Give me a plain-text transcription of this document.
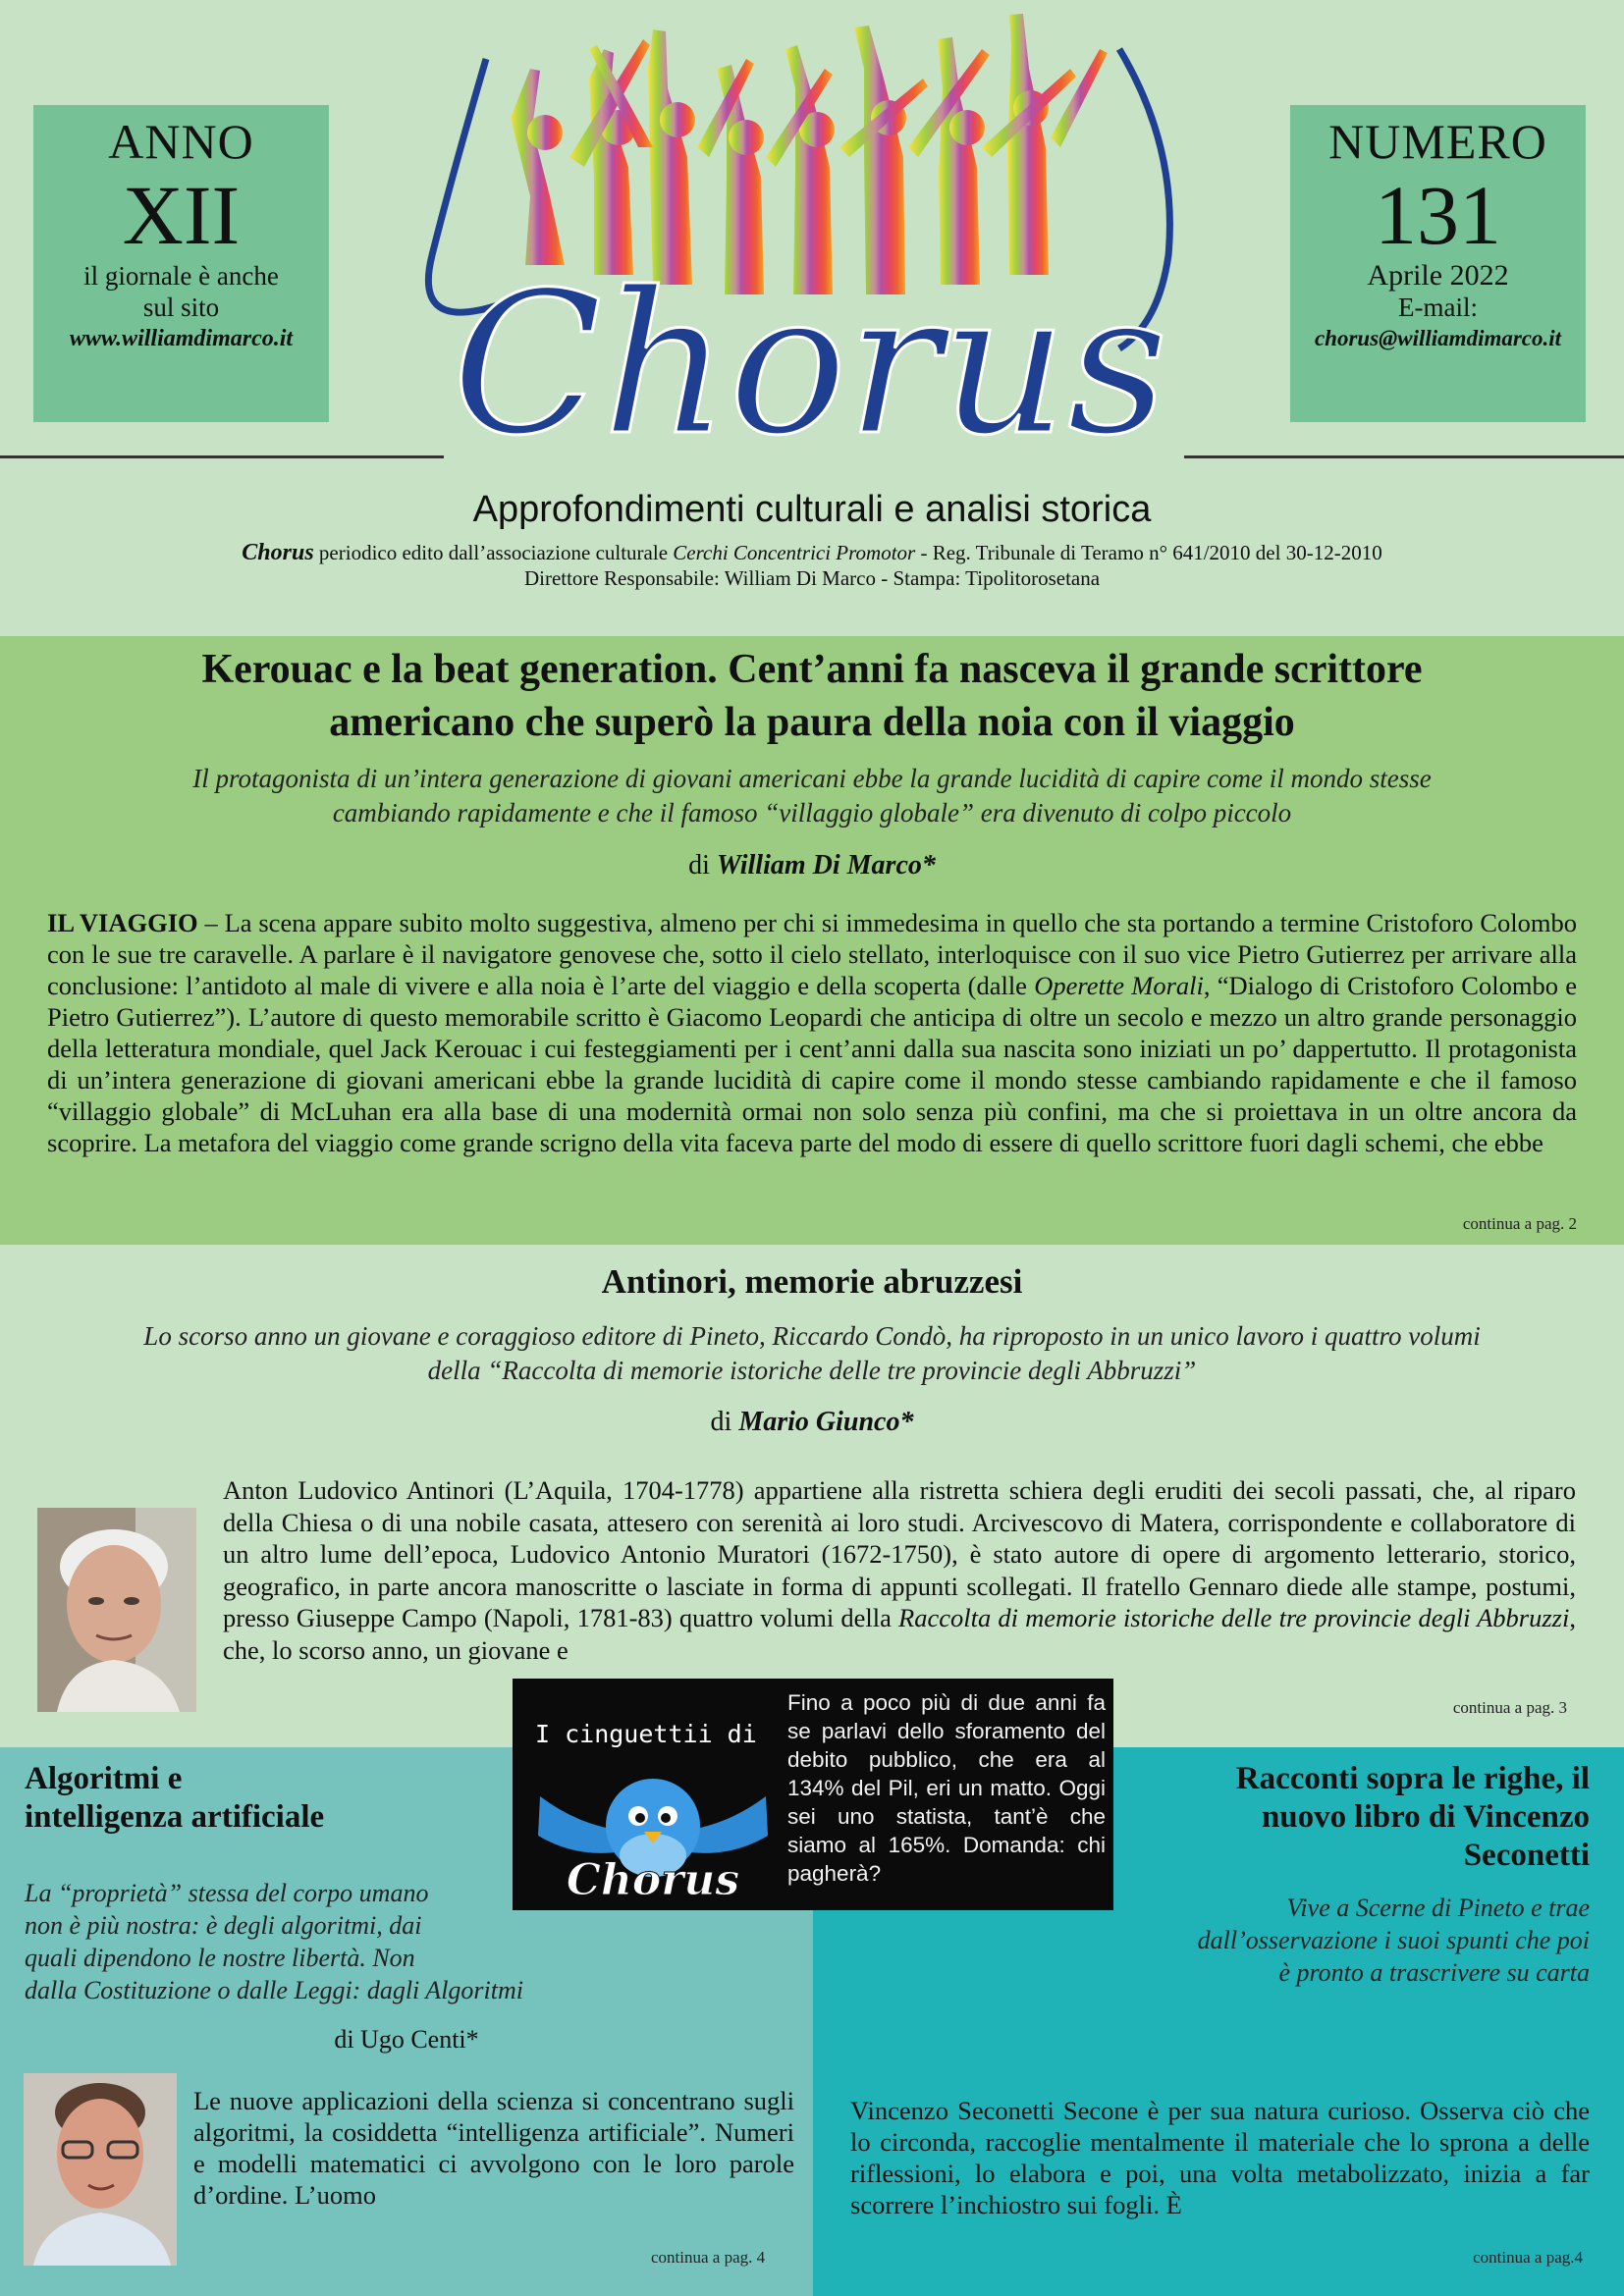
ANNO
XII
il giornale è anche
sul sito
www.williamdimarco.it
NUMERO
131
Aprile 2022
E-mail:
chorus@williamdimarco.it
Chorus
Approfondimenti culturali e analisi storica
Chorus periodico edito dall’associazione culturale Cerchi Concentrici Promotor - Reg. Tribunale di Teramo n° 641/2010 del 30-12-2010
Direttore Responsabile: William Di Marco - Stampa: Tipolitorosetana
Kerouac e la beat generation. Cent’anni fa nasceva il grande scrittore
americano che superò la paura della noia con il viaggio
Il protagonista di un’intera generazione di giovani americani ebbe la grande lucidità di capire come il mondo stesse
cambiando rapidamente e che il famoso “villaggio globale” era divenuto di colpo piccolo
di William Di Marco*
IL VIAGGIO – La scena appare subito molto suggestiva, almeno per chi si immedesima in quello che sta portando a termine Cristoforo Colombo con le sue tre caravelle. A parlare è il navigatore genovese che, sotto il cielo stellato, interloquisce con il suo vice Pietro Gutierrez per arrivare alla conclusione: l’antidoto al male di vivere e alla noia è l’arte del viaggio e della scoperta (dalle Operette Morali, “Dialogo di Cristoforo Colombo e Pietro Gutierrez”). L’autore di questo memorabile scritto è Giacomo Leopardi che anticipa di oltre un secolo e mezzo un altro grande personaggio della letteratura mondiale, quel Jack Kerouac i cui festeggiamenti per i cent’anni dalla sua nascita sono iniziati un po’ dappertutto. Il protagonista di un’intera generazione di giovani americani ebbe la grande lucidità di capire come il mondo stesse cambiando rapidamente e che il famoso “villaggio globale” di McLuhan era alla base di una modernità ormai non solo senza più confini, ma che si proiettava in un oltre ancora da scoprire. La metafora del viaggio come grande scrigno della vita faceva parte del modo di essere di quello scrittore fuori dagli schemi, che ebbe
continua a pag. 2
Antinori, memorie abruzzesi
Lo scorso anno un giovane e coraggioso editore di Pineto, Riccardo Condò, ha riproposto in un unico lavoro i quattro volumi
della “Raccolta di memorie istoriche delle tre provincie degli Abbruzzi”
di Mario Giunco*
Anton Ludovico Antinori (L’Aquila, 1704-1778) appartiene alla ristretta schiera degli eruditi dei secoli passati, che, al riparo della Chiesa o di una nobile casata, attesero con serenità ai loro studi. Arcivescovo di Matera, corrispondente e collaboratore di un altro lume dell’epoca, Ludovico Antonio Muratori (1672-1750), è stato autore di opere di argomento letterario, storico, geografico, in parte ancora manoscritte o lasciate in forma di appunti scollegati. Il fratello Gennaro diede alle stampe, postumi, presso Giuseppe Campo (Napoli, 1781-83) quattro volumi della Raccolta di memorie istoriche delle tre provincie degli Abbruzzi, che, lo scorso anno, un giovane e
continua a pag. 3
I cinguettii di
Chorus
Fino a poco più di due anni fa se parlavi dello sforamento del debito pubblico, che era al 134% del Pil, eri un matto. Oggi sei uno statista, tant’è che siamo al 165%. Domanda: chi pagherà?
Algoritmi e
intelligenza artificiale
La “proprietà” stessa del corpo umano
non è più nostra: è degli algoritmi, dai
quali dipendono le nostre libertà. Non
dalla Costituzione o dalle Leggi: dagli Algoritmi
di Ugo Centi*
Le nuove applicazioni della scienza si concentrano sugli algoritmi, la cosiddetta “intelligenza artificiale”. Numeri e modelli matematici ci avvolgono con le loro parole d’ordine. L’uomo
continua a pag. 4
Racconti sopra le righe, il
nuovo libro di Vincenzo
Seconetti
Vive a Scerne di Pineto e trae
dall’osservazione i suoi spunti che poi
è pronto a trascrivere su carta
Vincenzo Seconetti Secone è per sua natura curioso. Osserva ciò che lo circonda, raccoglie mentalmente il materiale che lo sprona a delle riflessioni, lo elabora e poi, una volta metabolizzato, inizia a far scorrere l’inchiostro sui fogli. È
continua a pag.4
